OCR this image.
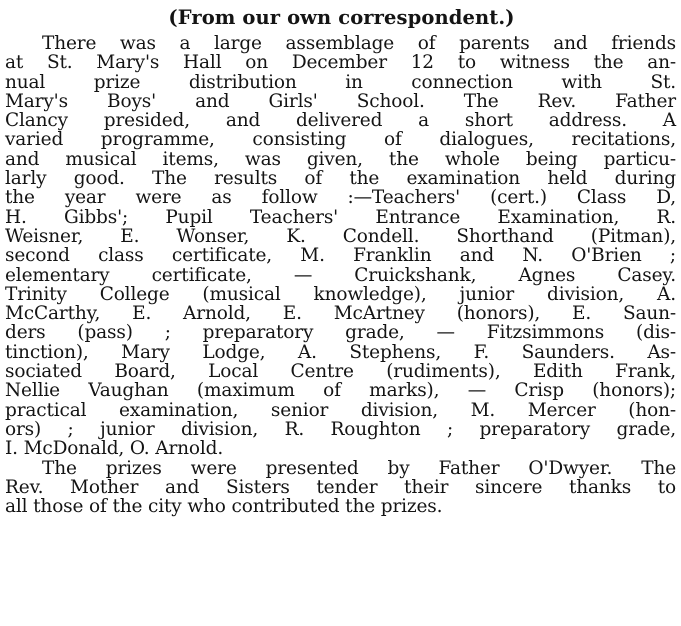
(From our own correspondent.)
There was a large assemblage of parents and friends
at St. Mary's Hall on December 12 to witness the an-
nual prize distribution in connection with St.
Mary's Boys' and Girls' School. The Rev. Father
Clancy presided, and delivered a short address. A
varied programme, consisting of dialogues, recitations,
and musical items, was given, the whole being particu-
larly good. The results of the examination held during
the year were as follow :—Teachers' (cert.) Class D,
H. Gibbs'; Pupil Teachers' Entrance Examination, R.
Weisner, E. Wonser, K. Condell. Shorthand (Pitman),
second class certificate, M. Franklin and N. O'Brien ;
elementary certificate, — Cruickshank, Agnes Casey.
Trinity College (musical knowledge), junior division, A.
McCarthy, E. Arnold, E. McArtney (honors), E. Saun-
ders (pass) ; preparatory grade, — Fitzsimmons (dis-
tinction), Mary Lodge, A. Stephens, F. Saunders. As-
sociated Board, Local Centre (rudiments), Edith Frank,
Nellie Vaughan (maximum of marks), — Crisp (honors);
practical examination, senior division, M. Mercer (hon-
ors) ; junior division, R. Roughton ; preparatory grade,
I. McDonald, O. Arnold.
The prizes were presented by Father O'Dwyer. The
Rev. Mother and Sisters tender their sincere thanks to
all those of the city who contributed the prizes.
